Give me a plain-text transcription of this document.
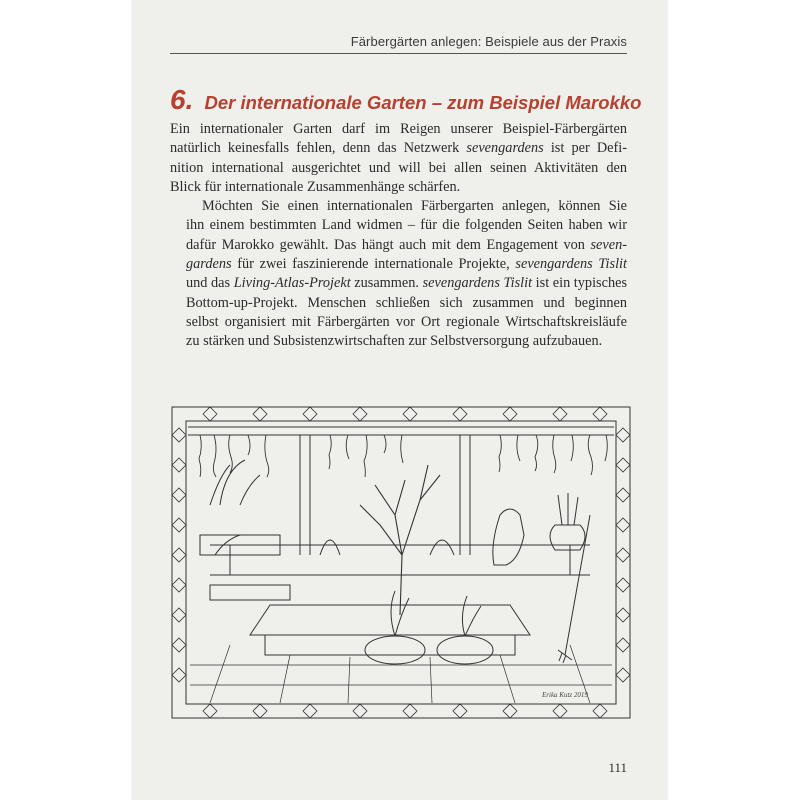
Färbergärten anlegen: Beispiele aus der Praxis
6. Der internationale Garten – zum Beispiel Marokko

Ein internationaler Garten darf im Reigen unserer Beispiel-Färbergärten
natürlich keinesfalls fehlen, denn das Netzwerk sevengardens ist per Defi-
nition international ausgerichtet und will bei allen seinen Aktivitäten den
Blick für internationale Zusammenhänge schärfen.

Möchten Sie einen internationalen Färbergarten anlegen, können Sie
ihn einem bestimmten Land widmen – für die folgenden Seiten haben wir
dafür Marokko gewählt. Das hängt auch mit dem Engagement von seven-
gardens für zwei faszinierende internationale Projekte, sevengardens Tislit
und das Living-Atlas-Projekt zusammen. sevengardens Tislit ist ein typisches
Bottom-up-Projekt. Menschen schließen sich zusammen und beginnen
selbst organisiert mit Färbergärten vor Ort regionale Wirtschaftskreisläufe
zu stärken und Subsistenzwirtschaften zur Selbstversorgung aufzubauen.

Erika Kutz 2019
111
